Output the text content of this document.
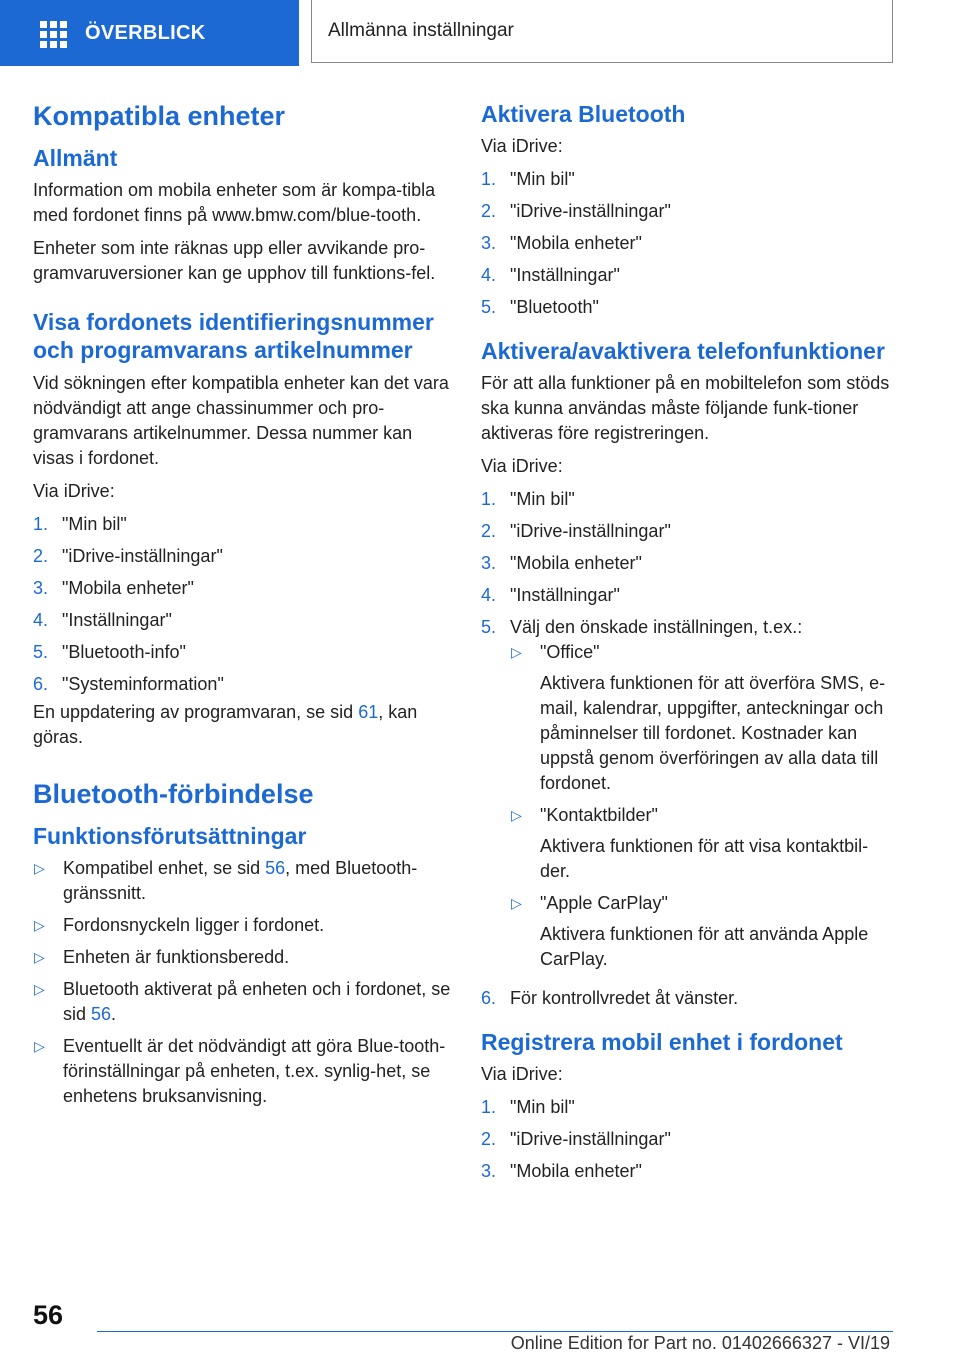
ÖVERBLICK	Allmänna inställningar
Kompatibla enheter
Allmänt

Information om mobila enheter som är kompa-tibla med fordonet finns på www.bmw.com/blue-tooth.

Enheter som inte räknas upp eller avvikande pro-gramvaruversioner kan ge upphov till funktions-fel.

Visa fordonets identifieringsnummer och programvarans artikelnummer

Vid sökningen efter kompatibla enheter kan det vara nödvändigt att ange chassinummer och pro-gramvarans artikelnummer. Dessa nummer kan visas i fordonet.

Via iDrive:

1. "Min bil"
2. "iDrive-inställningar"
3. "Mobila enheter"
4. "Inställningar"
5. "Bluetooth-info"
6. "Systeminformation"

En uppdatering av programvaran, se sid 61, kan göras.

Bluetooth-förbindelse
Funktionsförutsättningar
▷	Kompatibel enhet, se sid 56, med Bluetooth-gränssnitt.
▷	Fordonsnyckeln ligger i fordonet.
▷	Enheten är funktionsberedd.
▷	Bluetooth aktiverat på enheten och i fordonet, se sid 56.
▷	Eventuellt är det nödvändigt att göra Blue-tooth-förinställningar på enheten, t.ex. synlig-het, se enhetens bruksanvisning.
Aktivera Bluetooth

Via iDrive:

1. "Min bil"
2. "iDrive-inställningar"
3. "Mobila enheter"
4. "Inställningar"
5. "Bluetooth"
Aktivera/avaktivera telefonfunktioner

För att alla funktioner på en mobiltelefon som stöds ska kunna användas måste följande funk-tioner aktiveras före registreringen.

Via iDrive:

1. "Min bil"
2. "iDrive-inställningar"
3. "Mobila enheter"
4. "Inställningar"
5. Välj den önskade inställningen, t.ex.:
▷	"Office"
Aktivera funktionen för att överföra SMS, e-mail, kalendrar, uppgifter, anteckningar och påminnelser till fordonet. Kostnader kan uppstå genom överföringen av alla data till fordonet.
▷	"Kontaktbilder"
Aktivera funktionen för att visa kontaktbil-der.
▷	"Apple CarPlay"
Aktivera funktionen för att använda Apple CarPlay.
6. För kontrollvredet åt vänster.
Registrera mobil enhet i fordonet

Via iDrive:

1. "Min bil"
2. "iDrive-inställningar"
3. "Mobila enheter"
56
Online Edition for Part no. 01402666327 - VI/19
